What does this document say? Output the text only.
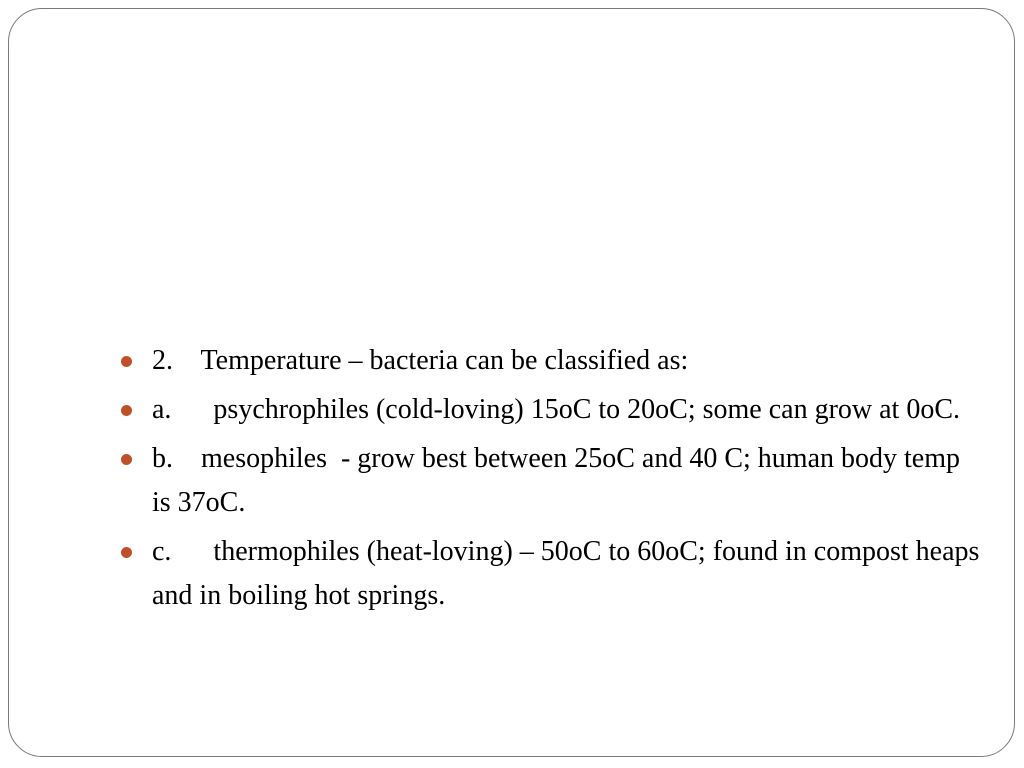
2.    Temperature – bacteria can be classified as:
a.      psychrophiles (cold-loving) 15oC to 20oC; some can grow at 0oC.
b.    mesophiles  - grow best between 25oC and 40 C; human body temp is 37oC.
c.      thermophiles (heat-loving) – 50oC to 60oC; found in compost heaps and in boiling hot springs.
